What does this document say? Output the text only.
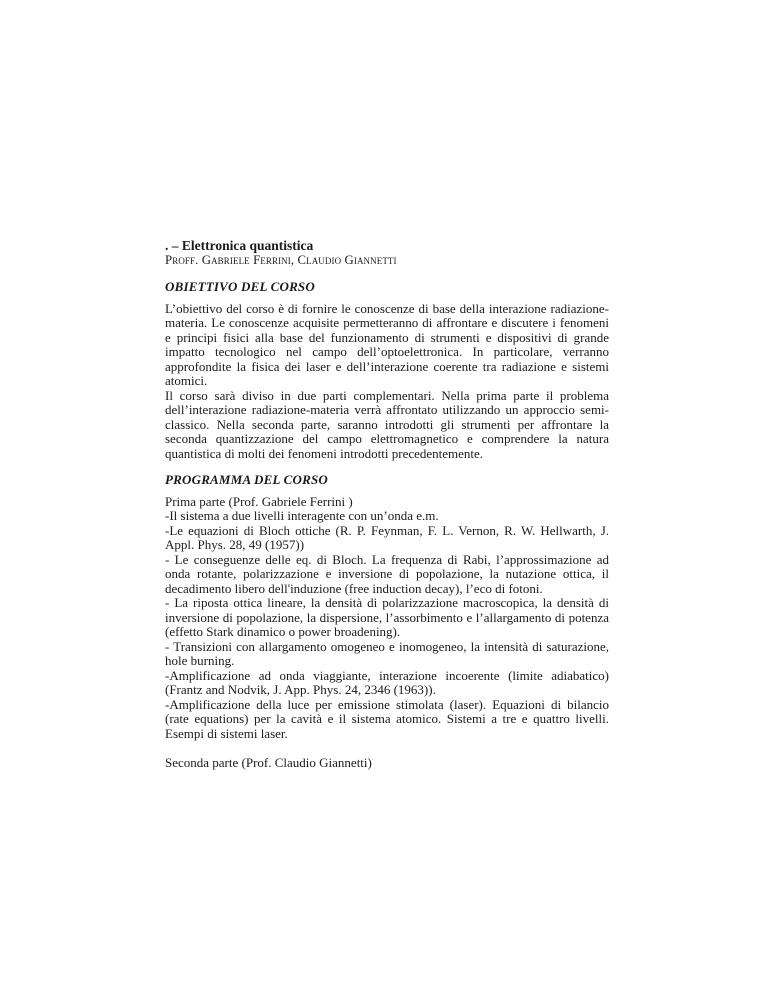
. – Elettronica quantistica

Proff. Gabriele Ferrini, Claudio Giannetti

OBIETTIVO DEL CORSO

L’obiettivo del corso è di fornire le conoscenze di base della interazione radiazione-materia. Le conoscenze acquisite permetteranno di affrontare e discutere i fenomeni e principi fisici alla base del funzionamento di strumenti e dispositivi di grande impatto tecnologico nel campo dell’optoelettronica. In particolare, verranno approfondite la fisica dei laser e dell’interazione coerente tra radiazione e sistemi atomici.

Il corso sarà diviso in due parti complementari. Nella prima parte il problema dell’interazione radiazione-materia verrà affrontato utilizzando un approccio semi-classico. Nella seconda parte, saranno introdotti gli strumenti per affrontare la seconda quantizzazione del campo elettromagnetico e comprendere la natura quantistica di molti dei fenomeni introdotti precedentemente.

PROGRAMMA DEL CORSO

Prima parte (Prof. Gabriele Ferrini )

-Il sistema a due livelli interagente con un’onda e.m.

-Le equazioni di Bloch ottiche (R. P. Feynman, F. L. Vernon, R. W. Hellwarth, J. Appl. Phys. 28, 49 (1957))

- Le conseguenze delle eq. di Bloch. La frequenza di Rabi, l’approssimazione ad onda rotante, polarizzazione e inversione di popolazione, la nutazione ottica, il decadimento libero dell'induzione (free induction decay), l’eco di fotoni.

- La riposta ottica lineare, la densità di polarizzazione macroscopica, la densità di inversione di popolazione, la dispersione, l’assorbimento e l’allargamento di potenza (effetto Stark dinamico o power broadening).

- Transizioni con allargamento omogeneo e inomogeneo, la intensità di saturazione, hole burning.

-Amplificazione ad onda viaggiante, interazione incoerente (limite adiabatico) (Frantz and Nodvik, J. App. Phys. 24, 2346 (1963)).

-Amplificazione della luce per emissione stimolata (laser). Equazioni di bilancio (rate equations) per la cavità e il sistema atomico. Sistemi a tre e quattro livelli. Esempi di sistemi laser.

Seconda parte (Prof. Claudio Giannetti)
